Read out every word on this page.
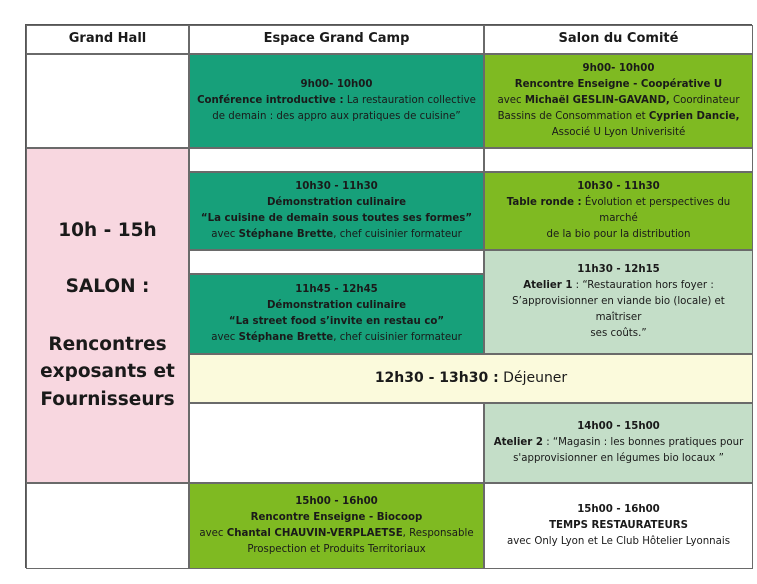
Grand Hall	Espace Grand Camp	Salon du Comité

10h - 15h

SALON :

Rencontres

exposants et

Fournisseurs

9h00- 10h00

Conférence introductive : La restauration collective

de demain : des appro aux pratiques de cuisine”

10h30 - 11h30

Démonstration culinaire

“La cuisine de demain sous toutes ses formes”

avec Stéphane Brette, chef cuisinier formateur

11h45 - 12h45

Démonstration culinaire

“La street food s’invite en restau co”

avec Stéphane Brette, chef cuisinier formateur

12h30 - 13h30 : Déjeuner

15h00 - 16h00

Rencontre Enseigne - Biocoop

avec Chantal CHAUVIN-VERPLAETSE, Responsable

Prospection et Produits Territoriaux

9h00- 10h00

Rencontre Enseigne - Coopérative U

avec Michaël GESLIN-GAVAND, Coordinateur

Bassins de Consommation et Cyprien Dancie,

Associé U Lyon Univerisité

10h30 - 11h30

Table ronde : Évolution et perspectives du marché

de la bio pour la distribution

11h30 - 12h15

Atelier 1 : “Restauration hors foyer :

S’approvisionner en viande bio (locale) et maîtriser

ses coûts.”

14h00 - 15h00

Atelier 2 : “Magasin : les bonnes pratiques pour

s'approvisionner en légumes bio locaux ”

15h00 - 16h00

TEMPS RESTAURATEURS

avec Only Lyon et Le Club Hôtelier Lyonnais
